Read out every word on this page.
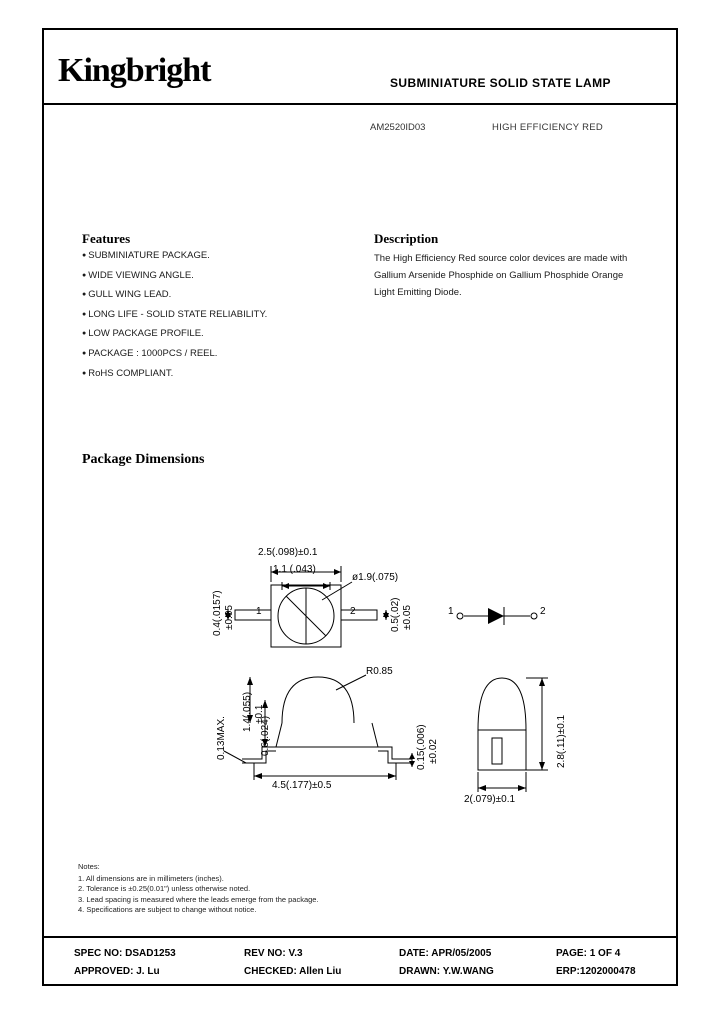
Kingbright	SUBMINIATURE SOLID STATE LAMP
AM2520ID03	HIGH EFFICIENCY RED
Features
● SUBMINIATURE PACKAGE.
● WIDE VIEWING ANGLE.
● GULL WING LEAD.
● LONG LIFE - SOLID STATE RELIABILITY.
● LOW PACKAGE PROFILE.
● PACKAGE : 1000PCS / REEL.
● RoHS COMPLIANT.
Description
The High Efficiency Red source color devices are made with Gallium Arsenide Phosphide on Gallium Phosphide Orange Light Emitting Diode.
Package Dimensions
2.5(.098)±0.1
1.1 (.043)
ø1.9(.075)
0.4(.0157) ±0.05	0.5(.02) ±0.05
1	2	1	2
1.4(.055) ±0.1
0.6(.024)
R0.85
0.13MAX.
4.5(.177)±0.5
0.15(.006) ±0.02	2.8(.11)±0.1
2(.079)±0.1
Notes:
1. All dimensions are in millimeters (inches).
2. Tolerance is ±0.25(0.01") unless otherwise noted.
3. Lead spacing is measured where the leads emerge from the package.
4. Specifications are subject to change without notice.
SPEC NO: DSAD1253	REV NO: V.3	DATE: APR/05/2005	PAGE: 1 OF 4
APPROVED: J. Lu	CHECKED: Allen Liu	DRAWN: Y.W.WANG	ERP:1202000478
